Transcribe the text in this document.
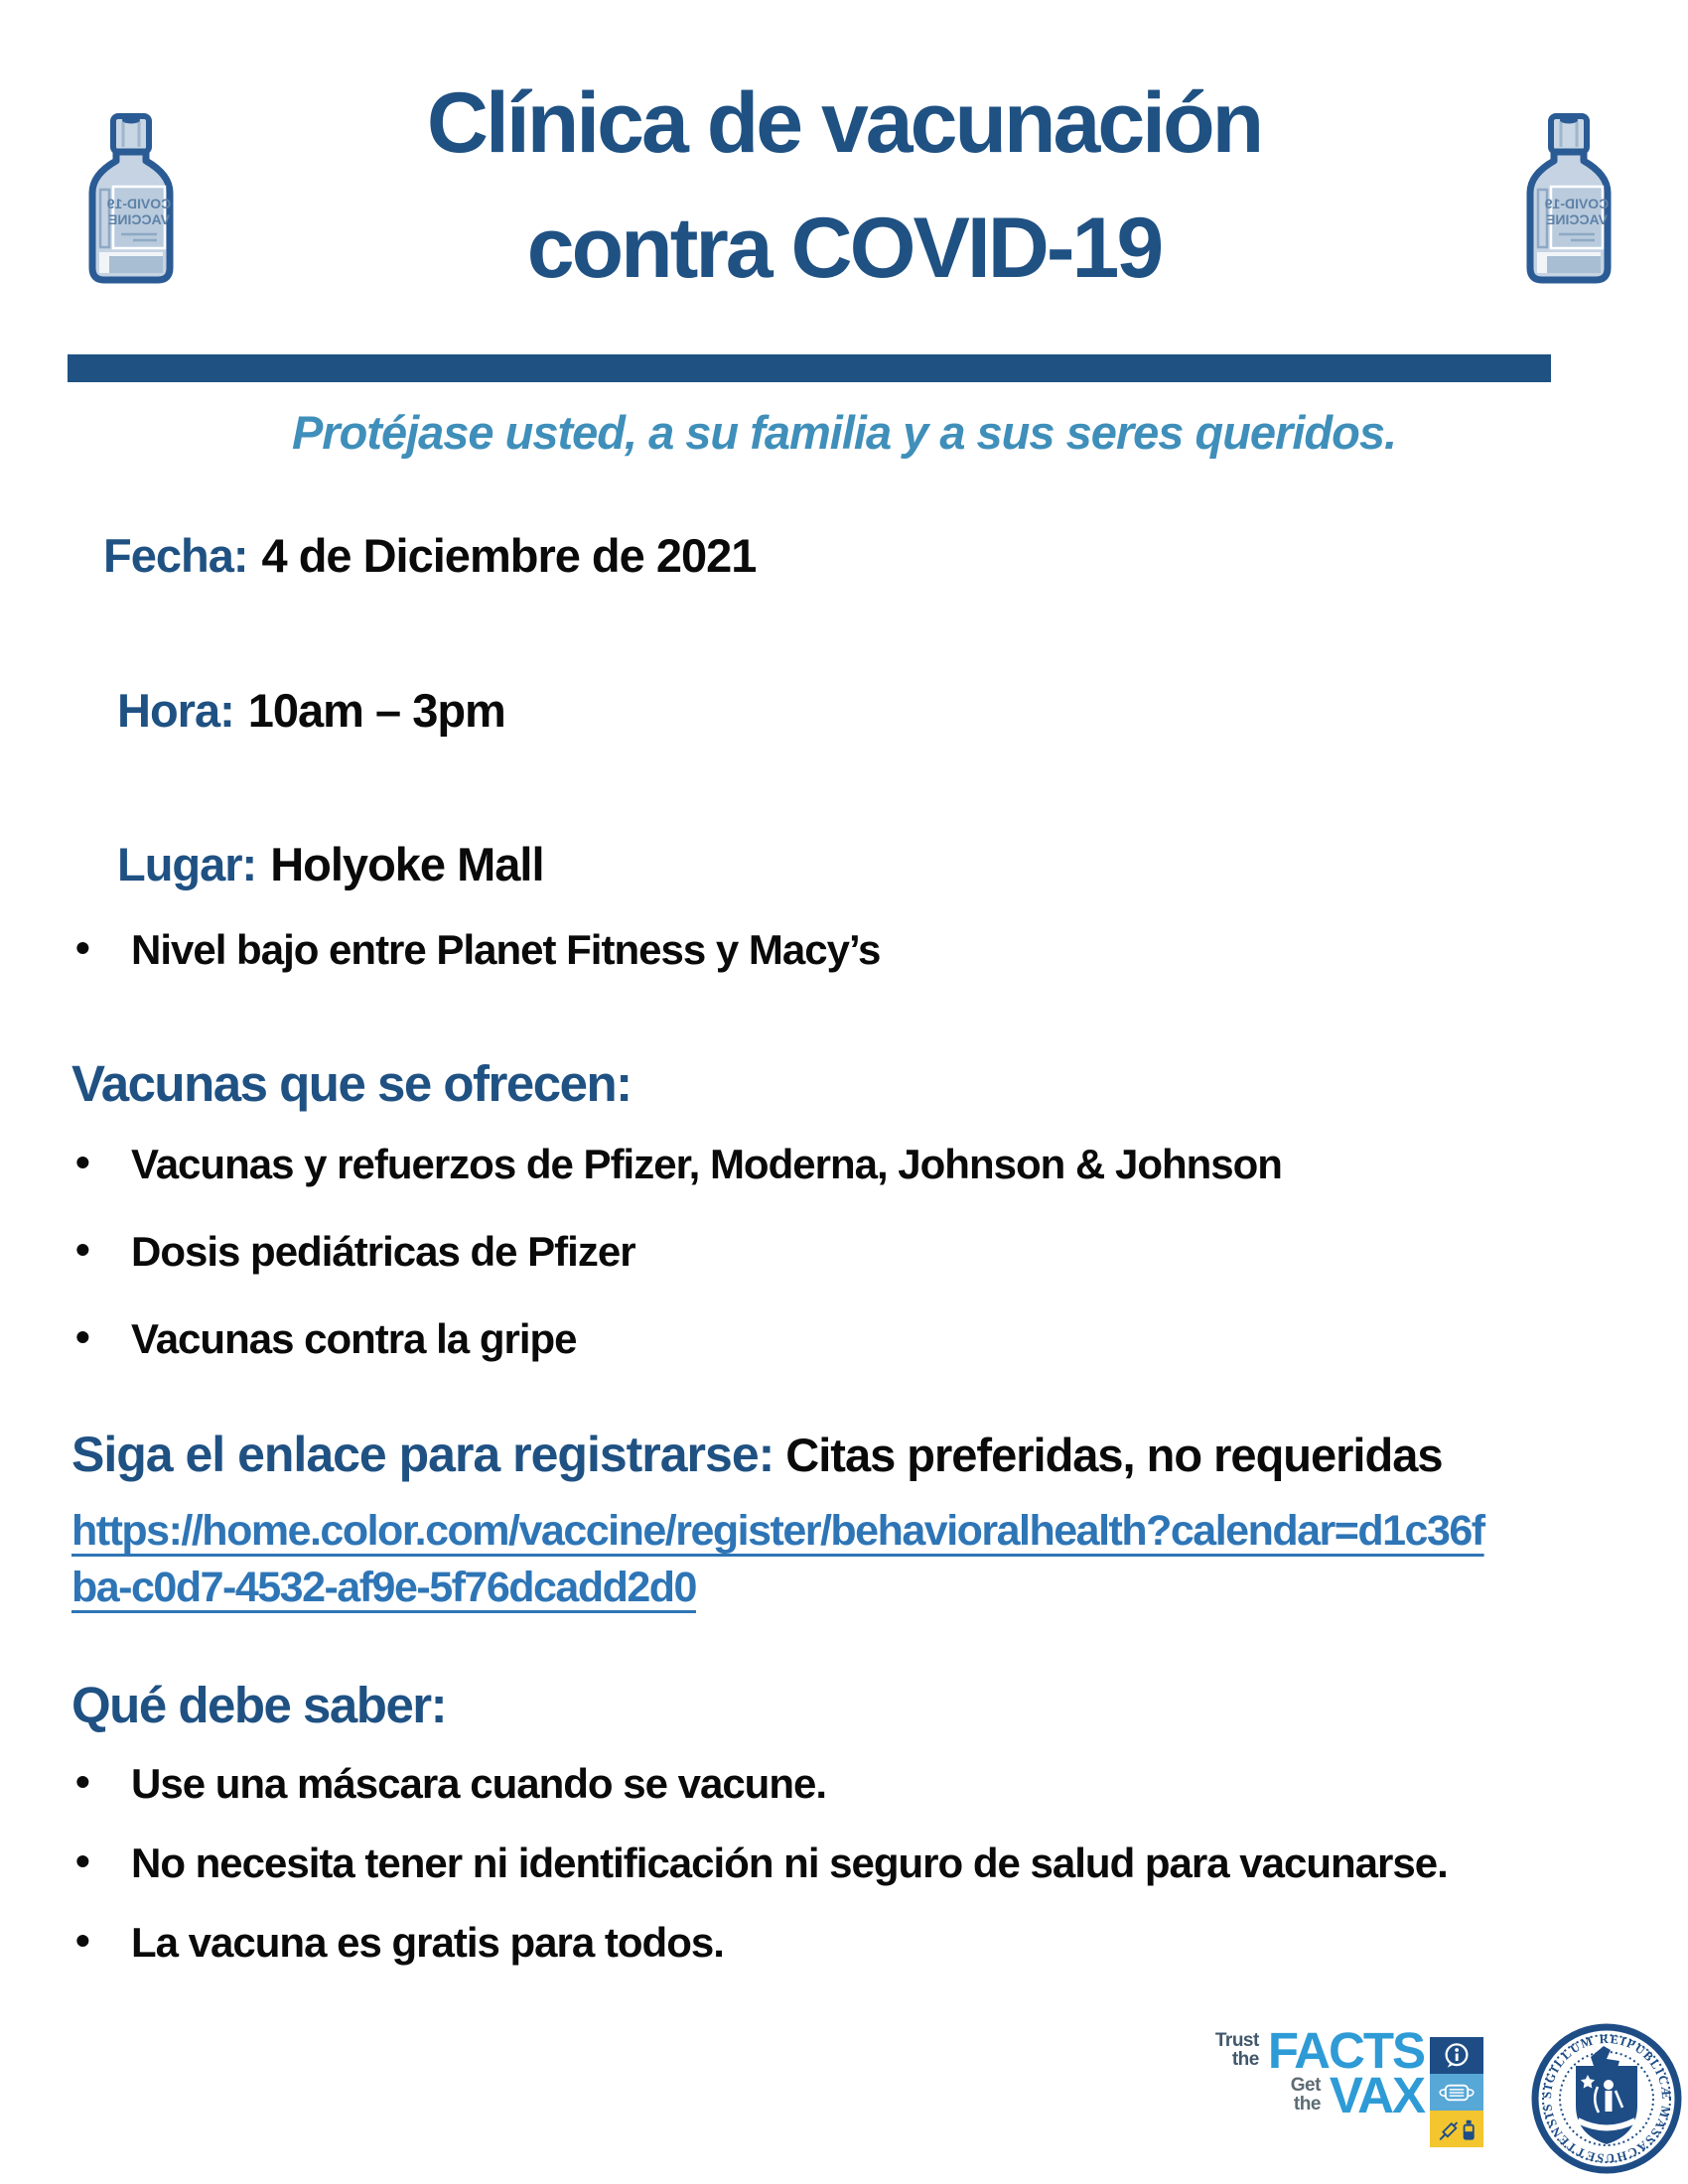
COVID-19
VACCINE
COVID-19
VACCINE
Clínica de vacunación
contra COVID-19
Protéjase usted, a su familia y a sus seres queridos.
Fecha: 4 de Diciembre de 2021
Hora: 10am – 3pm
Lugar: Holyoke Mall
• Nivel bajo entre Planet Fitness y Macy’s
Vacunas que se ofrecen:
• Vacunas y refuerzos de Pfizer, Moderna, Johnson & Johnson
• Dosis pediátricas de Pfizer
• Vacunas contra la gripe
Siga el enlace para registrarse: Citas preferidas, no requeridas
https://home.color.com/vaccine/register/behavioralhealth?calendar=d1c36f
ba-c0d7-4532-af9e-5f76dcadd2d0
Qué debe saber:
• Use una máscara cuando se vacune.
• No necesita tener ni identificación ni seguro de salud para vacunarse.
• La vacuna es gratis para todos.
Trust
the FACTS
Get
the VAX	SIGILLUM REIPUBLICÆ MASSACHUSETTENSIS
